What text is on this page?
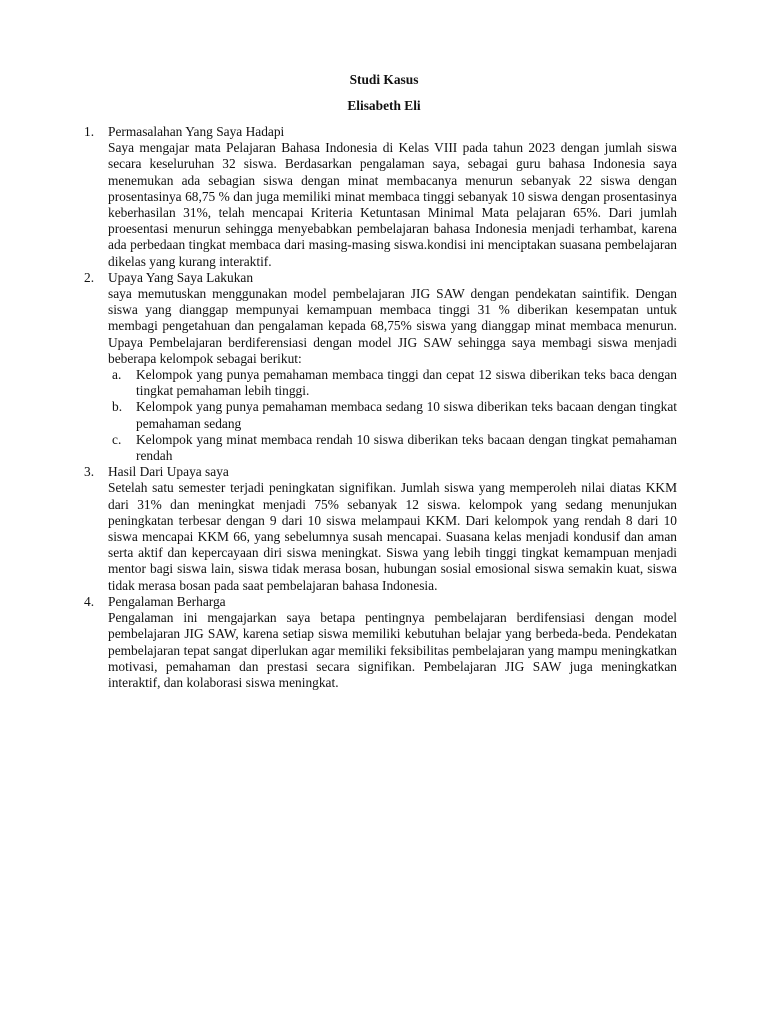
Studi Kasus
Elisabeth Eli
1. Permasalahan Yang Saya Hadapi
Saya mengajar mata Pelajaran Bahasa Indonesia di Kelas VIII pada tahun 2023 dengan jumlah siswa secara keseluruhan 32 siswa. Berdasarkan pengalaman saya, sebagai guru bahasa Indonesia saya menemukan ada sebagian siswa dengan minat membacanya menurun sebanyak 22 siswa dengan prosentasinya 68,75 % dan juga memiliki minat membaca tinggi sebanyak 10 siswa dengan prosentasinya keberhasilan 31%, telah mencapai Kriteria Ketuntasan Minimal Mata pelajaran 65%. Dari jumlah proesentasi menurun sehingga menyebabkan pembelajaran bahasa Indonesia menjadi terhambat, karena ada perbedaan tingkat membaca dari masing-masing siswa.kondisi ini menciptakan suasana pembelajaran dikelas yang kurang interaktif.
2. Upaya Yang Saya Lakukan
saya memutuskan menggunakan model pembelajaran JIG SAW dengan pendekatan saintifik. Dengan siswa yang dianggap mempunyai kemampuan membaca tinggi 31 % diberikan kesempatan untuk membagi pengetahuan dan pengalaman kepada 68,75% siswa yang dianggap minat membaca menurun. Upaya Pembelajaran berdiferensiasi dengan model JIG SAW sehingga saya membagi siswa menjadi beberapa kelompok sebagai berikut:
a. Kelompok yang punya pemahaman membaca tinggi dan cepat 12 siswa diberikan teks baca dengan tingkat pemahaman lebih tinggi.
b. Kelompok yang punya pemahaman membaca sedang 10 siswa diberikan teks bacaan dengan tingkat pemahaman sedang
c. Kelompok yang minat membaca rendah 10 siswa diberikan teks bacaan dengan tingkat pemahaman rendah
3. Hasil Dari Upaya saya
Setelah satu semester terjadi peningkatan signifikan. Jumlah siswa yang memperoleh nilai diatas KKM dari 31% dan meningkat menjadi 75% sebanyak 12 siswa. kelompok yang sedang menunjukan peningkatan terbesar dengan 9 dari 10 siswa melampaui KKM. Dari kelompok yang rendah 8 dari 10 siswa mencapai KKM 66, yang sebelumnya susah mencapai. Suasana kelas menjadi kondusif dan aman serta aktif dan kepercayaan diri siswa meningkat. Siswa yang lebih tinggi tingkat kemampuan menjadi mentor bagi siswa lain, siswa tidak merasa bosan, hubungan sosial emosional siswa semakin kuat, siswa tidak merasa bosan pada saat pembelajaran bahasa Indonesia.
4. Pengalaman Berharga
Pengalaman ini mengajarkan saya betapa pentingnya pembelajaran berdifensiasi dengan model pembelajaran JIG SAW, karena setiap siswa memiliki kebutuhan belajar yang berbeda-beda. Pendekatan pembelajaran tepat sangat diperlukan agar memiliki feksibilitas pembelajaran yang mampu meningkatkan motivasi, pemahaman dan prestasi secara signifikan. Pembelajaran JIG SAW juga meningkatkan interaktif, dan kolaborasi siswa meningkat.
